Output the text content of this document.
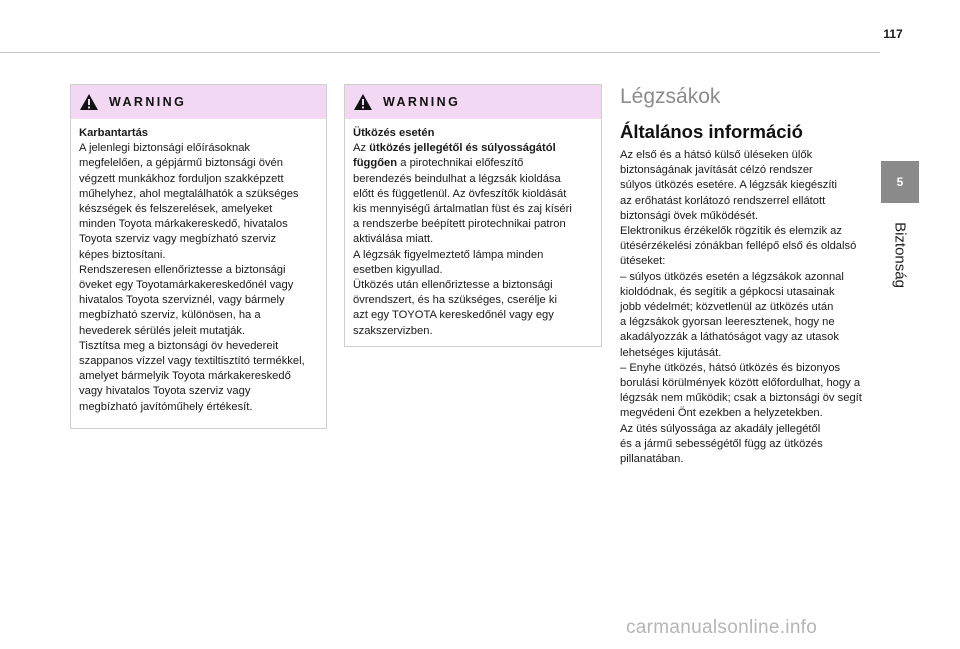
117
5
Biztonság
WARNING

Karbantartás

A jelenlegi biztonsági előírásoknak

megfelelően, a gépjármű biztonsági övén

végzett munkákhoz forduljon szakképzett

műhelyhez, ahol megtalálhatók a szükséges

készségek és felszerelések, amelyeket

minden Toyota márkakereskedő, hivatalos

Toyota szerviz vagy megbízható szerviz

képes biztosítani.

Rendszeresen ellenőriztesse a biztonsági

öveket egy Toyotamárkakereskedőnél vagy

hivatalos Toyota szerviznél, vagy bármely

megbízható szerviz, különösen, ha a

hevederek sérülés jeleit mutatják.

Tisztítsa meg a biztonsági öv hevedereit

szappanos vízzel vagy textiltisztító termékkel,

amelyet bármelyik Toyota márkakereskedő

vagy hivatalos Toyota szerviz vagy

megbízható javítóműhely értékesít.

WARNING

Ütközés esetén

Az ütközés jellegétől és súlyosságától

függően a pirotechnikai előfeszítő

berendezés beindulhat a légzsák kioldása

előtt és függetlenül. Az övfeszítők kioldását

kis mennyiségű ártalmatlan füst és zaj kíséri

a rendszerbe beépített pirotechnikai patron

aktiválása miatt.

A légzsák figyelmeztető lámpa minden

esetben kigyullad.

Ütközés után ellenőriztesse a biztonsági

övrendszert, és ha szükséges, cserélje ki

azt egy TOYOTA kereskedőnél vagy egy

szakszervizben.

Légzsákok
Általános információ

Az első és a hátsó külső üléseken ülők

biztonságának javítását célzó rendszer

súlyos ütközés esetére. A légzsák kiegészíti

az erőhatást korlátozó rendszerrel ellátott

biztonsági övek működését.

Elektronikus érzékelők rögzítik és elemzik az

ütésérzékelési zónákban fellépő első és oldalsó

ütéseket:

– súlyos ütközés esetén a légzsákok azonnal

kioldódnak, és segítik a gépkocsi utasainak

jobb védelmét; közvetlenül az ütközés után

a légzsákok gyorsan leeresztenek, hogy ne

akadályozzák a láthatóságot vagy az utasok

lehetséges kijutását.

– Enyhe ütközés, hátsó ütközés és bizonyos

borulási körülmények között előfordulhat, hogy a

légzsák nem működik; csak a biztonsági öv segít

megvédeni Önt ezekben a helyzetekben.

Az ütés súlyossága az akadály jellegétől

és a jármű sebességétől függ az ütközés

pillanatában.

carmanualsonline.info
